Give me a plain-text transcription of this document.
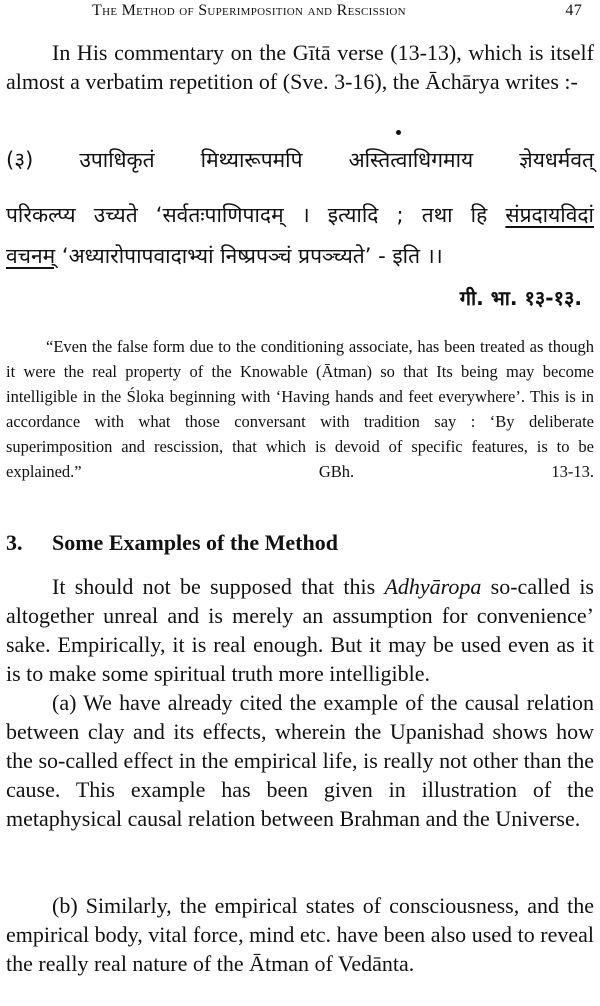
The Method of Superimposition and Rescission	47
In His commentary on the Gītā verse (13-13), which is itself almost a verbatim repetition of (Sve. 3-16), the Āchārya writes :-
(३) उपाधिकृतं मिथ्यारूपमपि अस्तित्वाधिगमाय ज्ञेयधर्मवत्
परिकल्प्य उच्यते ‘सर्वतःपाणिपादम् । इत्यादि ; तथा हि संप्रदायविदां
वचनम् ‘अध्यारोपापवादाभ्यां निष्प्रपञ्चं प्रपञ्च्यते’ - इति ।।
गी. भा. १३-१३.
“Even the false form due to the conditioning associate, has been treated as though it were the real property of the Knowable (Ātman) so that Its being may become intelligible in the Śloka beginning with ‘Having hands and feet everywhere’. This is in accordance with what those conversant with tradition say : ‘By deliberate superimposition and rescission, that which is devoid of specific features, is to be explained.”	GBh. 13-13.
3. Some Examples of the Method
It should not be supposed that this Adhyāropa so-called is altogether unreal and is merely an assumption for convenience’ sake. Empirically, it is real enough. But it may be used even as it is to make some spiritual truth more intelligible.
(a) We have already cited the example of the causal relation between clay and its effects, wherein the Upanishad shows how the so-called effect in the empirical life, is really not other than the cause. This example has been given in illustration of the metaphysical causal relation between Brahman and the Universe.
(b) Similarly, the empirical states of consciousness, and the empirical body, vital force, mind etc. have been also used to reveal the really real nature of the Ātman of Vedānta.
